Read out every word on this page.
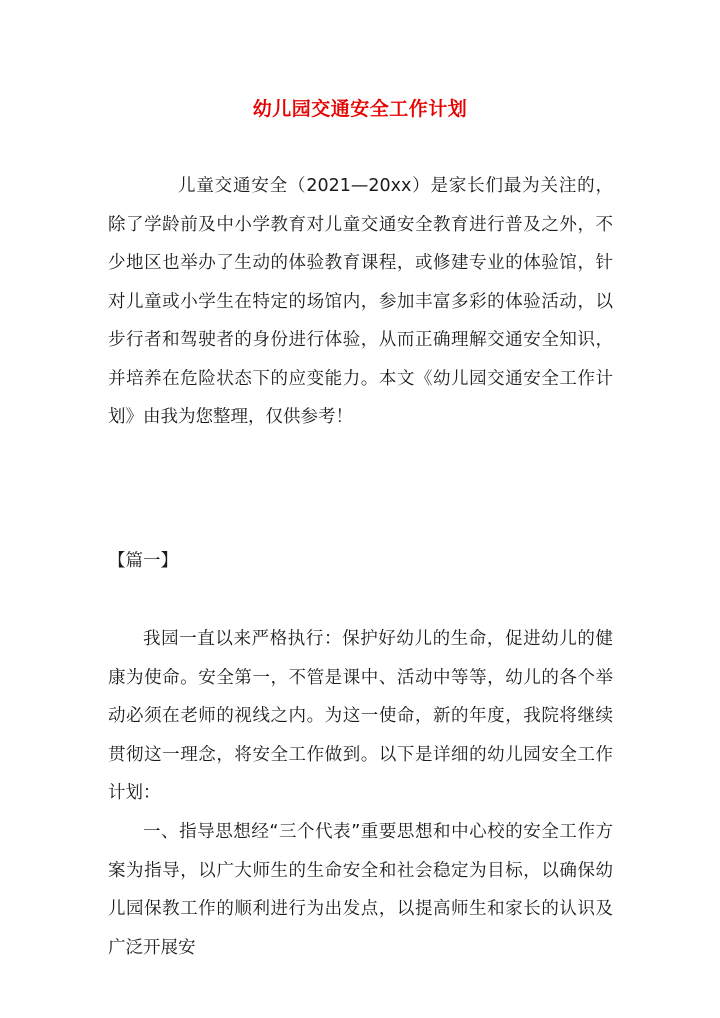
幼儿园交通安全工作计划

儿童交通安全（2021—20xx）是家长们最为关注的，除了学龄前及中小学教育对儿童交通安全教育进行普及之外，不少地区也举办了生动的体验教育课程，或修建专业的体验馆，针对儿童或小学生在特定的场馆内，参加丰富多彩的体验活动，以步行者和驾驶者的身份进行体验，从而正确理解交通安全知识，并培养在危险状态下的应变能力。本文《幼儿园交通安全工作计划》由我为您整理，仅供参考！

【篇一】

我园一直以来严格执行：保护好幼儿的生命，促进幼儿的健康为使命。安全第一，不管是课中、活动中等等，幼儿的各个举动必须在老师的视线之内。为这一使命，新的年度，我院将继续贯彻这一理念，将安全工作做到。以下是详细的幼儿园安全工作计划：

一、指导思想经“三个代表”重要思想和中心校的安全工作方案为指导，以广大师生的生命安全和社会稳定为目标，以确保幼儿园保教工作的顺利进行为出发点，以提高师生和家长的认识及广泛开展安
